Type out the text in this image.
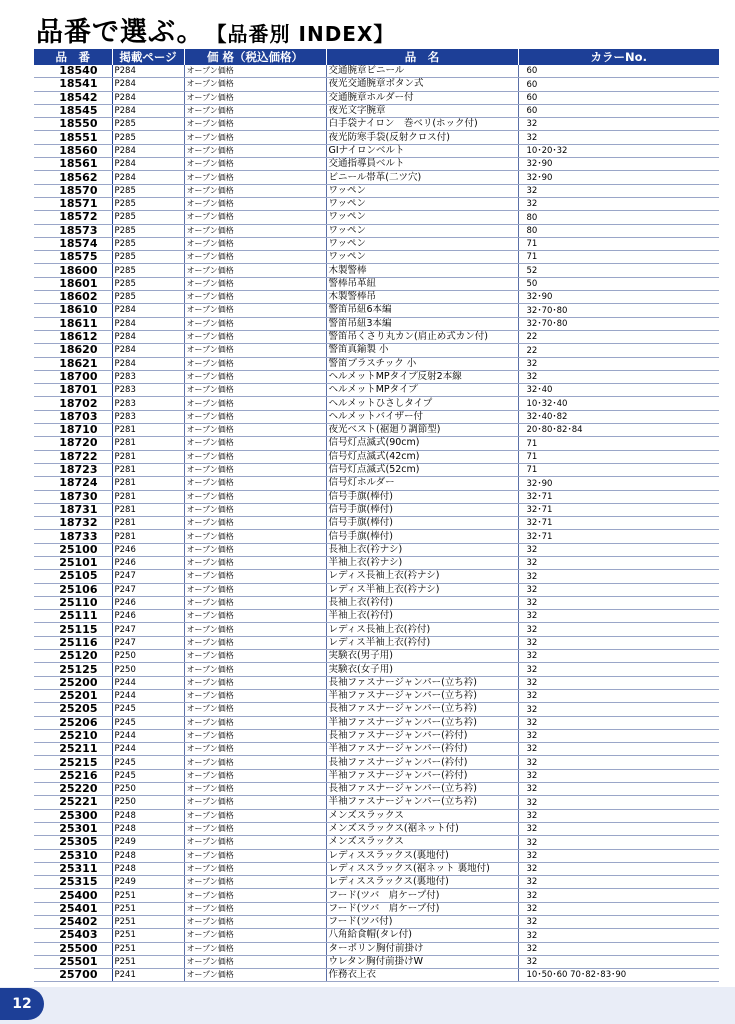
品番で選ぶ。 【品番別 INDEX】
品　番	掲載ページ	価 格（税込価格）	品　名	カラーNo.
18540	P284	オープン価格	交通腕章ビニール	60
18541	P284	オープン価格	夜光交通腕章ボタン式	60
18542	P284	オープン価格	交通腕章ホルダー付	60
18545	P284	オープン価格	夜光文字腕章	60
18550	P285	オープン価格	白手袋ナイロン　巻ベリ(ホック付)	32
18551	P285	オープン価格	夜光防寒手袋(反射クロス付)	32
18560	P284	オープン価格	GIナイロンベルト	10･20･32
18561	P284	オープン価格	交通指導員ベルト	32･90
18562	P284	オープン価格	ビニール帯革(二ツ穴)	32･90
18570	P285	オープン価格	ワッペン	32
18571	P285	オープン価格	ワッペン	32
18572	P285	オープン価格	ワッペン	80
18573	P285	オープン価格	ワッペン	80
18574	P285	オープン価格	ワッペン	71
18575	P285	オープン価格	ワッペン	71
18600	P285	オープン価格	木製警棒	52
18601	P285	オープン価格	警棒吊革紐	50
18602	P285	オープン価格	木製警棒吊	32･90
18610	P284	オープン価格	警笛吊紐6本編	32･70･80
18611	P284	オープン価格	警笛吊紐3本編	32･70･80
18612	P284	オープン価格	警笛吊くさり丸カン(肩止め式カン付)	22
18620	P284	オープン価格	警笛真鍮製 小	22
18621	P284	オープン価格	警笛プラスチック 小	32
18700	P283	オープン価格	ヘルメットMPタイプ反射2本線	32
18701	P283	オープン価格	ヘルメットMPタイプ	32･40
18702	P283	オープン価格	ヘルメットひさしタイプ	10･32･40
18703	P283	オープン価格	ヘルメットバイザー付	32･40･82
18710	P281	オープン価格	夜光ベスト(裾廻り調節型)	20･80･82･84
18720	P281	オープン価格	信号灯点滅式(90cm)	71
18722	P281	オープン価格	信号灯点滅式(42cm)	71
18723	P281	オープン価格	信号灯点滅式(52cm)	71
18724	P281	オープン価格	信号灯ホルダー	32･90
18730	P281	オープン価格	信号手旗(棒付)	32･71
18731	P281	オープン価格	信号手旗(棒付)	32･71
18732	P281	オープン価格	信号手旗(棒付)	32･71
18733	P281	オープン価格	信号手旗(棒付)	32･71
25100	P246	オープン価格	長袖上衣(衿ナシ)	32
25101	P246	オープン価格	半袖上衣(衿ナシ)	32
25105	P247	オープン価格	レディス長袖上衣(衿ナシ)	32
25106	P247	オープン価格	レディス半袖上衣(衿ナシ)	32
25110	P246	オープン価格	長袖上衣(衿付)	32
25111	P246	オープン価格	半袖上衣(衿付)	32
25115	P247	オープン価格	レディス長袖上衣(衿付)	32
25116	P247	オープン価格	レディス半袖上衣(衿付)	32
25120	P250	オープン価格	実験衣(男子用)	32
25125	P250	オープン価格	実験衣(女子用)	32
25200	P244	オープン価格	長袖ファスナージャンパー(立ち衿)	32
25201	P244	オープン価格	半袖ファスナージャンパー(立ち衿)	32
25205	P245	オープン価格	長袖ファスナージャンパー(立ち衿)	32
25206	P245	オープン価格	半袖ファスナージャンパー(立ち衿)	32
25210	P244	オープン価格	長袖ファスナージャンパー(衿付)	32
25211	P244	オープン価格	半袖ファスナージャンパー(衿付)	32
25215	P245	オープン価格	長袖ファスナージャンパー(衿付)	32
25216	P245	オープン価格	半袖ファスナージャンパー(衿付)	32
25220	P250	オープン価格	長袖ファスナージャンパー(立ち衿)	32
25221	P250	オープン価格	半袖ファスナージャンパー(立ち衿)	32
25300	P248	オープン価格	メンズスラックス	32
25301	P248	オープン価格	メンズスラックス(裾ネット付)	32
25305	P249	オープン価格	メンズスラックス	32
25310	P248	オープン価格	レディススラックス(裏地付)	32
25311	P248	オープン価格	レディススラックス(裾ネット 裏地付)	32
25315	P249	オープン価格	レディススラックス(裏地付)	32
25400	P251	オープン価格	フード(ツバ　肩ケープ付)	32
25401	P251	オープン価格	フード(ツバ　肩ケープ付)	32
25402	P251	オープン価格	フード(ツバ付)	32
25403	P251	オープン価格	八角給食帽(タレ付)	32
25500	P251	オープン価格	ターポリン胸付前掛け	32
25501	P251	オープン価格	ウレタン胸付前掛けW	32
25700	P241	オープン価格	作務衣上衣	10･50･60 70･82･83･90
12
